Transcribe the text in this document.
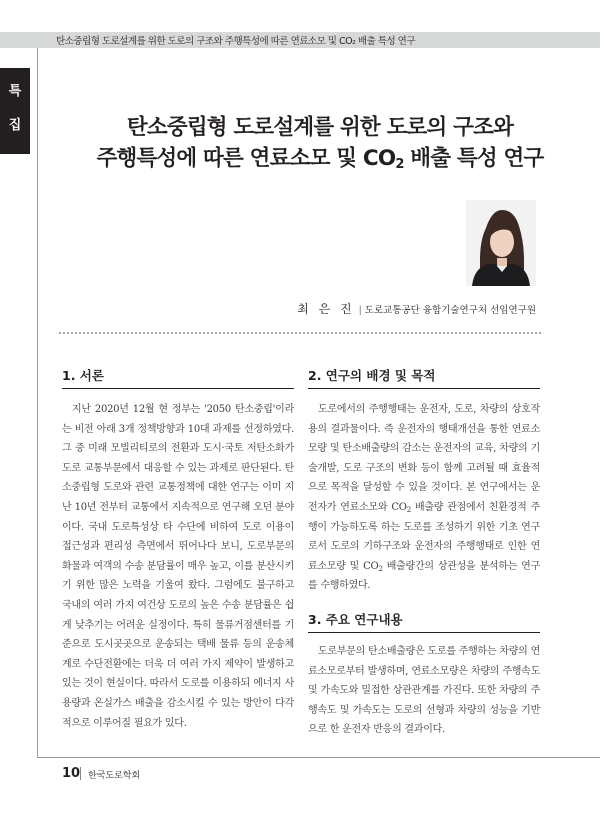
탄소중립형 도로설계를 위한 도로의 구조와 주행특성에 따른 연료소모 및 CO₂ 배출 특성 연구
특
집	탄소중립형 도로설계를 위한 도로의 구조와
주행특성에 따른 연료소모 및 $CO_2$ 배출 특성 연구
최 은 진 | 도로교통공단 융합기술연구처 선임연구원
1. 서론
지난 2020년 12월 현 정부는 '2050 탄소중립'이라는 비전 아래 3개 정책방향과 10대 과제를 선정하였다. 그 중 미래 모빌리티로의 전환과 도시·국토 저탄소화가 도로 교통부문에서 대응할 수 있는 과제로 판단된다. 탄소중립형 도로와 관련 교통정책에 대한 연구는 이미 지난 10년 전부터 교통에서 지속적으로 연구해 오던 분야이다. 국내 도로특성상 타 수단에 비하여 도로 이용이 접근성과 편리성 측면에서 뛰어나다 보니, 도로부문의 화물과 여객의 수송 분담률이 매우 높고, 이를 분산시키기 위한 많은 노력을 기울여 왔다. 그럼에도 불구하고 국내의 여러 가지 여건상 도로의 높은 수송 분담률은 쉽게 낮추기는 어려운 실정이다. 특히 물류거점센터를 기준으로 도시곳곳으로 운송되는 택배 물류 등의 운송체계로 수단전환에는 더욱 더 여러 가지 제약이 발생하고 있는 것이 현실이다. 따라서 도로를 이용하되 에너지 사용량과 온실가스 배출을 감소시킬 수 있는 방안이 다각적으로 이루어질 필요가 있다.
2. 연구의 배경 및 목적
도로에서의 주행행태는 운전자, 도로, 차량의 상호작용의 결과물이다. 즉 운전자의 행태개선을 통한 연료소모량 및 탄소배출량의 감소는 운전자의 교육, 차량의 기술개발, 도로 구조의 변화 등이 함께 고려될 때 효율적으로 목적을 달성할 수 있을 것이다. 본 연구에서는 운전자가 연료소모와 $CO_2$ 배출량 관점에서 친환경적 주행이 가능하도록 하는 도로를 조성하기 위한 기초 연구로서 도로의 기하구조와 운전자의 주행행태로 인한 연료소모량 및 $CO_2$ 배출량간의 상관성을 분석하는 연구를 수행하였다.
3. 주요 연구내용
도로부문의 탄소배출량은 도로를 주행하는 차량의 연료소모로부터 발생하며, 연료소모량은 차량의 주행속도 및 가속도와 밀접한 상관관계를 가진다. 또한 차량의 주행속도 및 가속도는 도로의 선형과 차량의 성능을 기반으로 한 운전자 반응의 결과이다.
10 한국도로학회
